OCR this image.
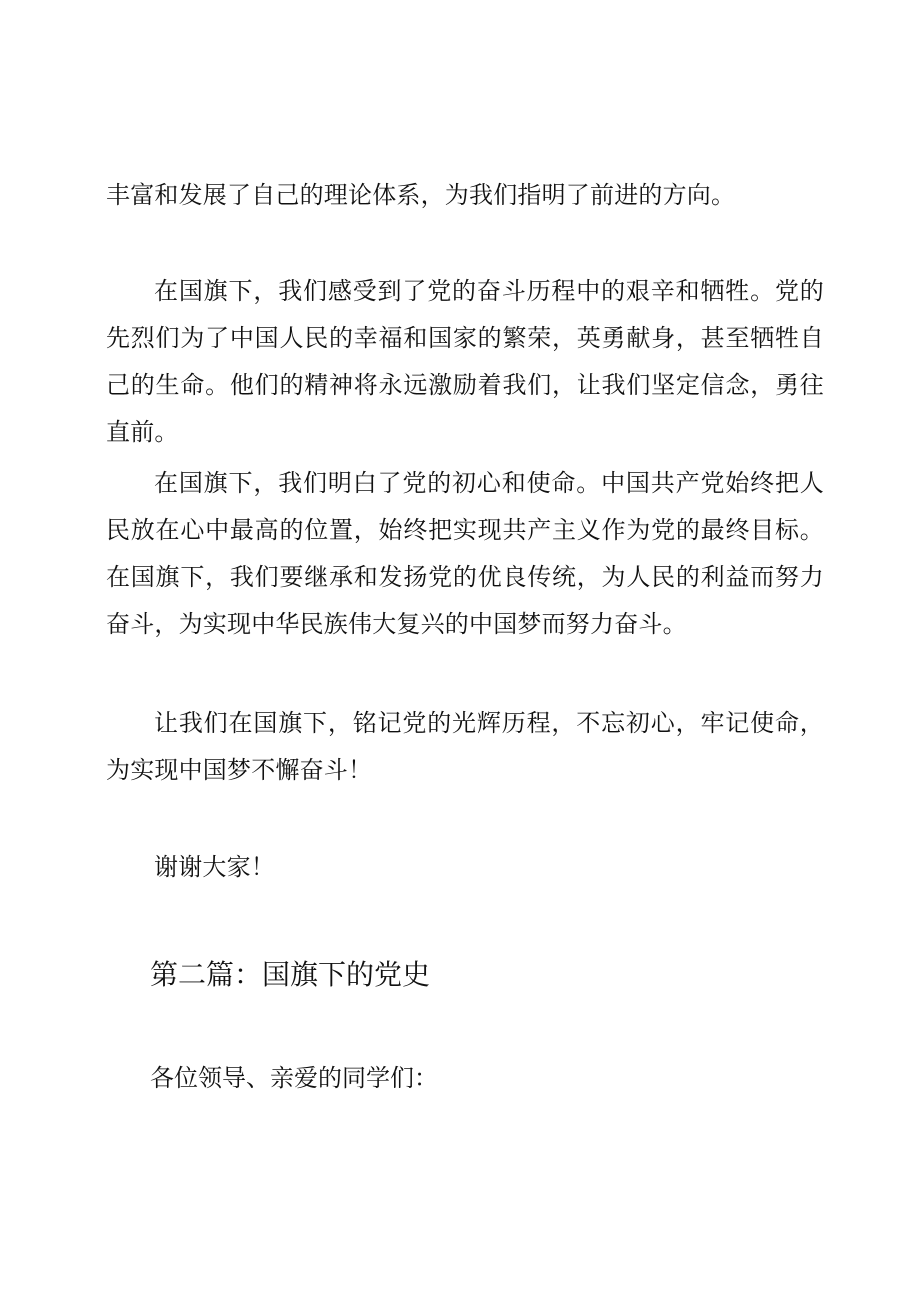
丰富和发展了自己的理论体系，为我们指明了前进的方向。

在国旗下，我们感受到了党的奋斗历程中的艰辛和牺牲。党的先烈们为了中国人民的幸福和国家的繁荣，英勇献身，甚至牺牲自己的生命。他们的精神将永远激励着我们，让我们坚定信念，勇往直前。

在国旗下，我们明白了党的初心和使命。中国共产党始终把人民放在心中最高的位置，始终把实现共产主义作为党的最终目标。在国旗下，我们要继承和发扬党的优良传统，为人民的利益而努力奋斗，为实现中华民族伟大复兴的中国梦而努力奋斗。

让我们在国旗下，铭记党的光辉历程，不忘初心，牢记使命，为实现中国梦不懈奋斗！

谢谢大家！

第二篇：国旗下的党史

各位领导、亲爱的同学们：
